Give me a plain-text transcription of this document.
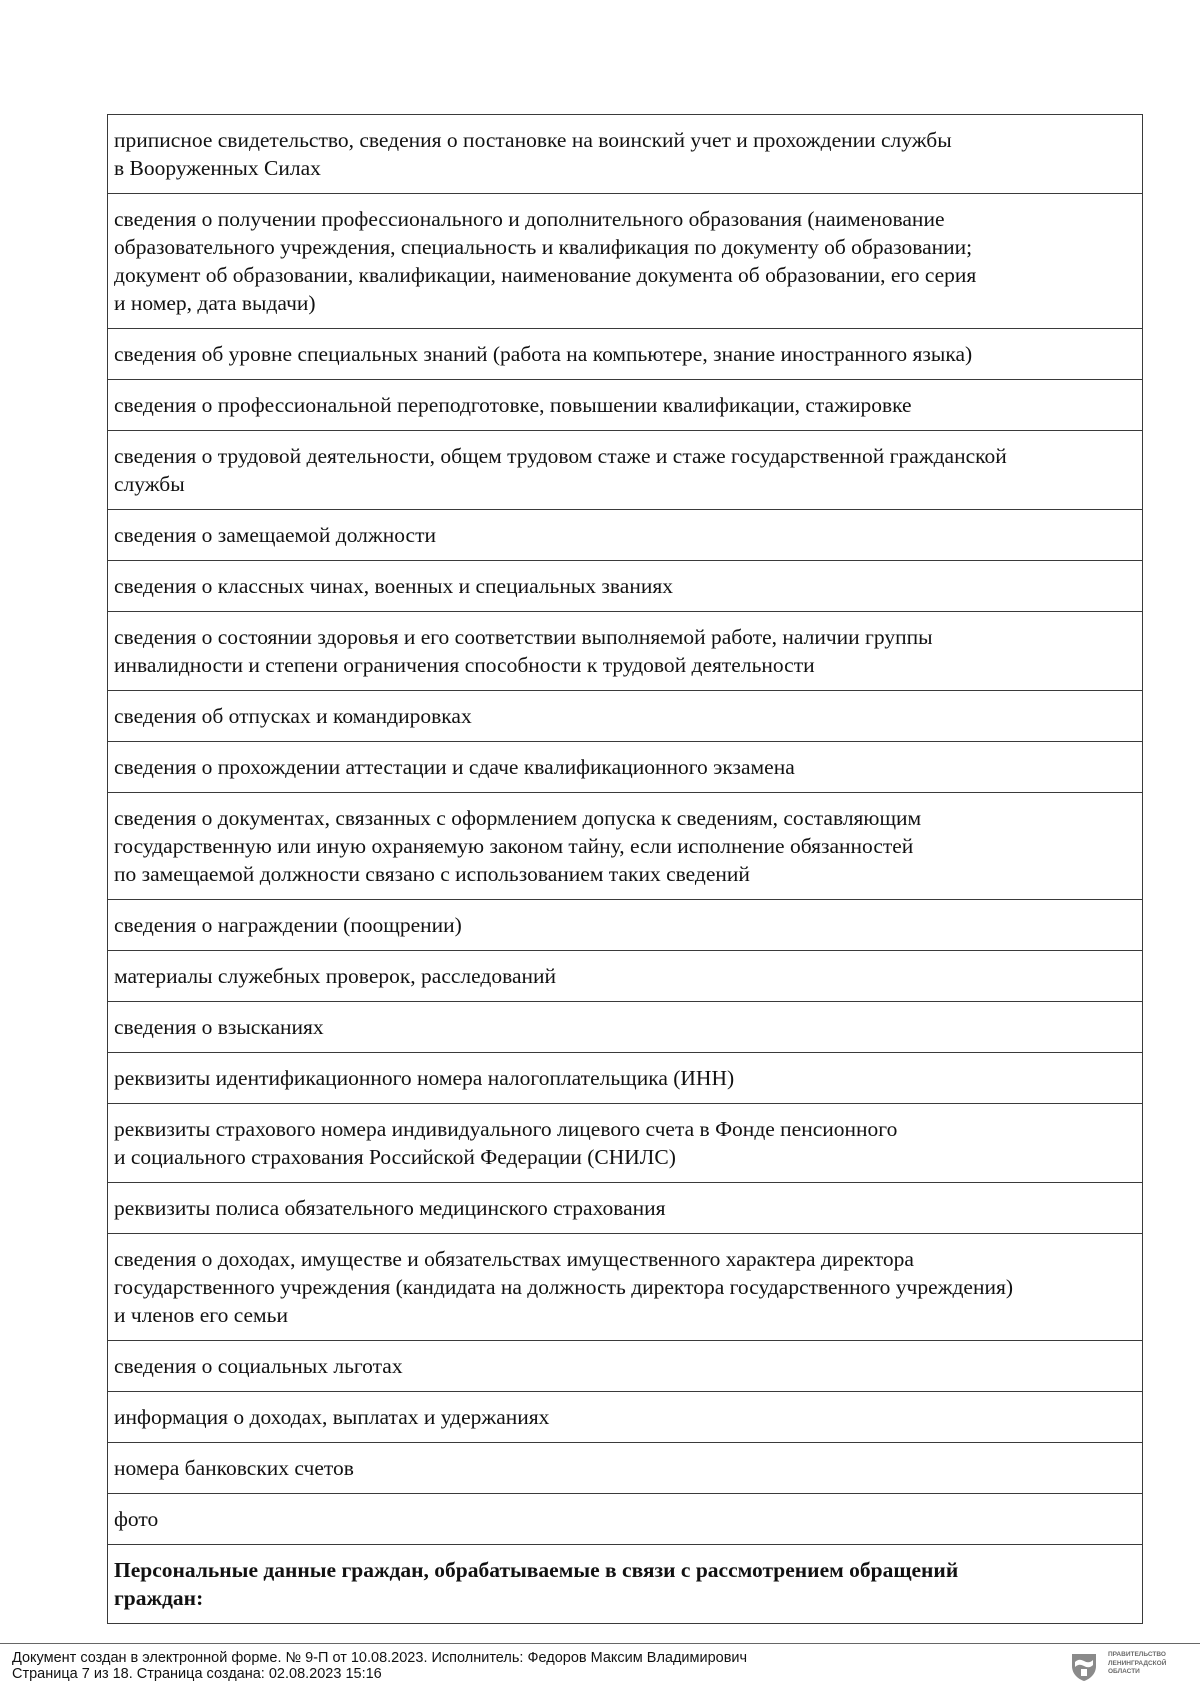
приписное свидетельство, сведения о постановке на воинский учет и прохождении службы
в Вооруженных Силах
сведения о получении профессионального и дополнительного образования (наименование
образовательного учреждения, специальность и квалификация по документу об образовании;
документ об образовании, квалификации, наименование документа об образовании, его серия
и номер, дата выдачи)
сведения об уровне специальных знаний (работа на компьютере, знание иностранного языка)
сведения о профессиональной переподготовке, повышении квалификации, стажировке
сведения о трудовой деятельности, общем трудовом стаже и стаже государственной гражданской
службы
сведения о замещаемой должности
сведения о классных чинах, военных и специальных званиях
сведения о состоянии здоровья и его соответствии выполняемой работе, наличии группы
инвалидности и степени ограничения способности к трудовой деятельности
сведения об отпусках и командировках
сведения о прохождении аттестации и сдаче квалификационного экзамена
сведения о документах, связанных с оформлением допуска к сведениям, составляющим
государственную или иную охраняемую законом тайну, если исполнение обязанностей
по замещаемой должности связано с использованием таких сведений
сведения о награждении (поощрении)
материалы служебных проверок, расследований
сведения о взысканиях
реквизиты идентификационного номера налогоплательщика (ИНН)
реквизиты страхового номера индивидуального лицевого счета в Фонде пенсионного
и социального страхования Российской Федерации (СНИЛС)
реквизиты полиса обязательного медицинского страхования
сведения о доходах, имуществе и обязательствах имущественного характера директора
государственного учреждения (кандидата на должность директора государственного учреждения)
и членов его семьи
сведения о социальных льготах
информация о доходах, выплатах и удержаниях
номера банковских счетов
фото
Персональные данные граждан, обрабатываемые в связи с рассмотрением обращений
граждан:
Документ создан в электронной форме. № 9-П от 10.08.2023. Исполнитель: Федоров Максим Владимирович
Страница 7 из 18. Страница создана: 02.08.2023 15:16
ПРАВИТЕЛЬСТВО
ЛЕНИНГРАДСКОЙ
ОБЛАСТИ
